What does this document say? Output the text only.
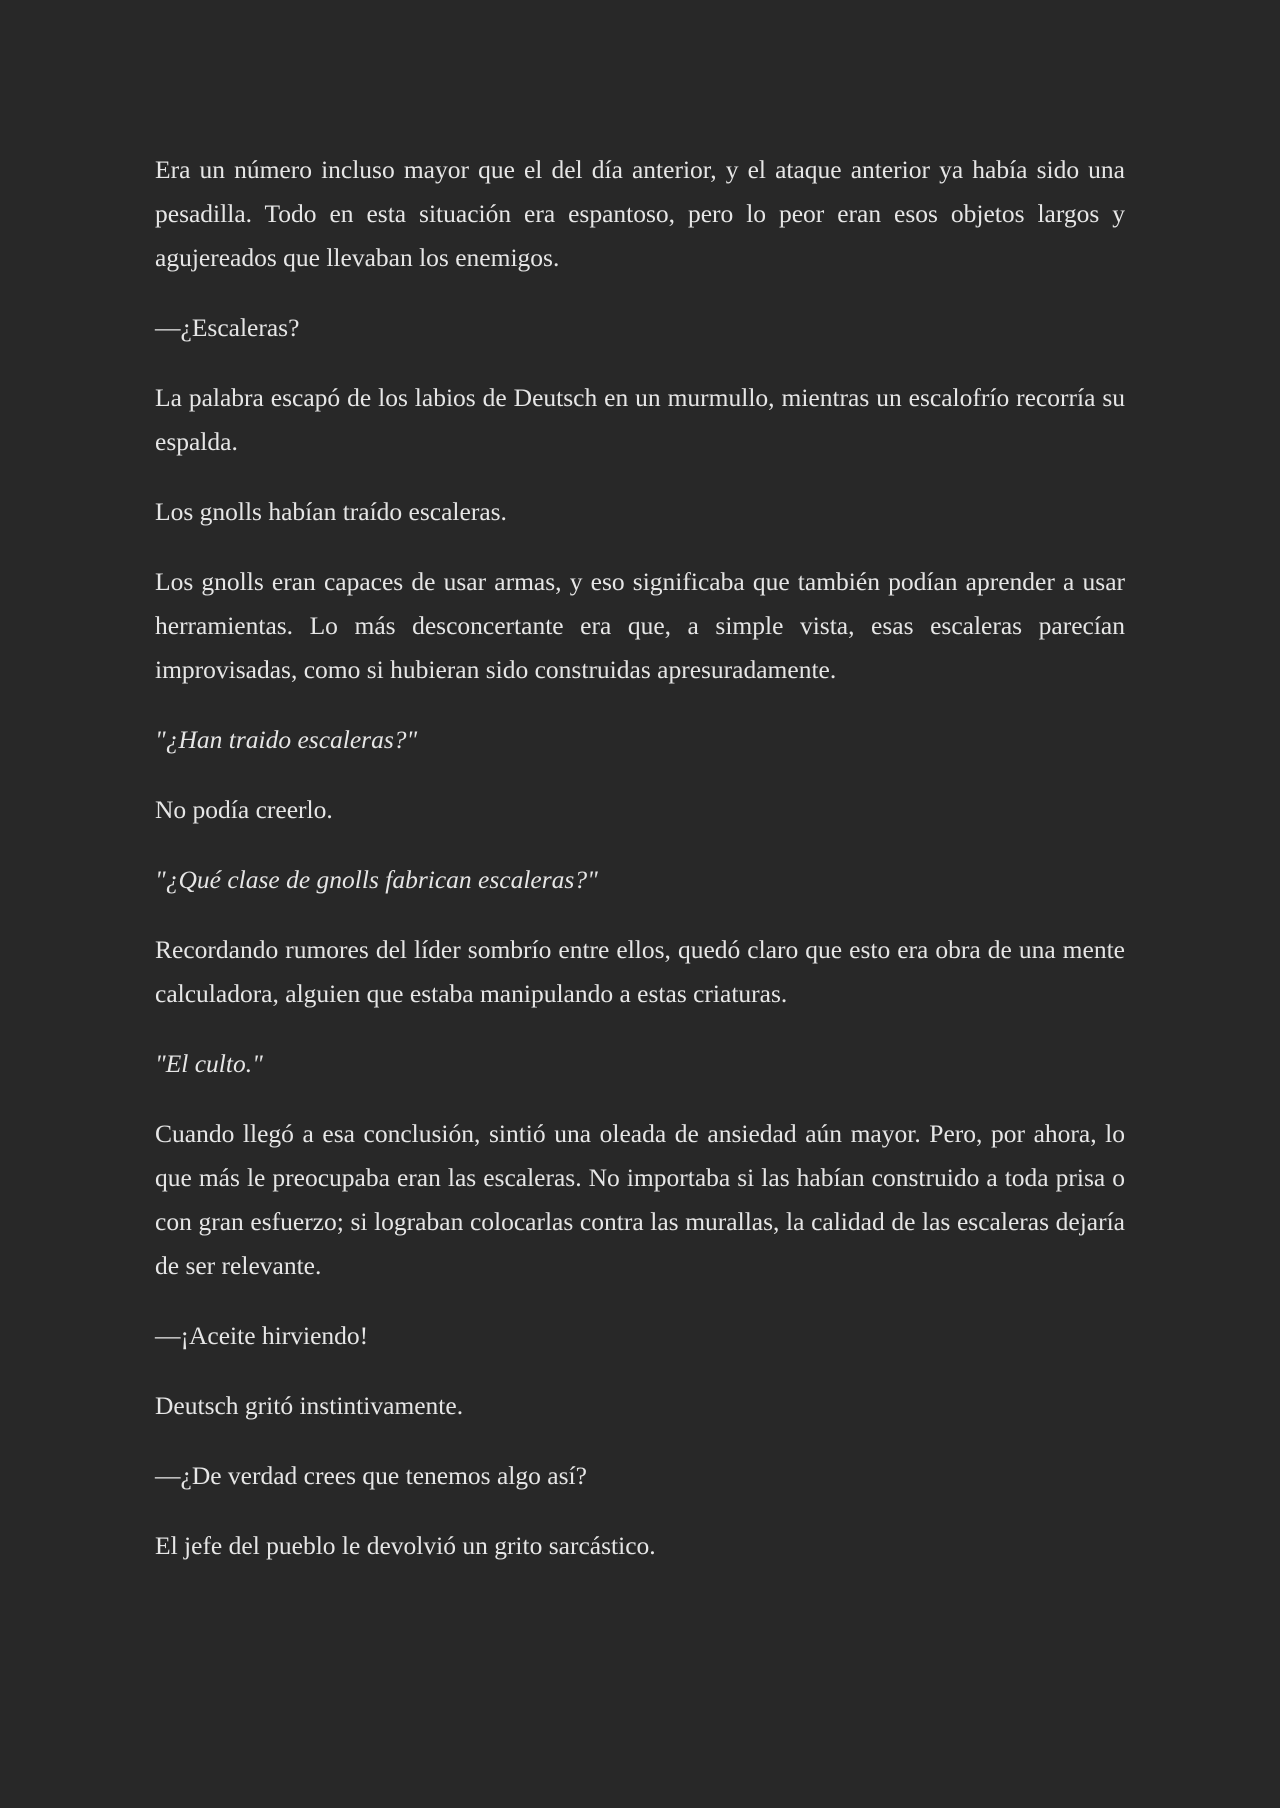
Era un número incluso mayor que el del día anterior, y el ataque anterior ya había sido una pesadilla. Todo en esta situación era espantoso, pero lo peor eran esos objetos largos y agujereados que llevaban los enemigos.

—¿Escaleras?

La palabra escapó de los labios de Deutsch en un murmullo, mientras un escalofrío recorría su espalda.

Los gnolls habían traído escaleras.

Los gnolls eran capaces de usar armas, y eso significaba que también podían aprender a usar herramientas. Lo más desconcertante era que, a simple vista, esas escaleras parecían improvisadas, como si hubieran sido construidas apresuradamente.

"¿Han traido escaleras?"

No podía creerlo.

"¿Qué clase de gnolls fabrican escaleras?"

Recordando rumores del líder sombrío entre ellos, quedó claro que esto era obra de una mente calculadora, alguien que estaba manipulando a estas criaturas.

"El culto."

Cuando llegó a esa conclusión, sintió una oleada de ansiedad aún mayor. Pero, por ahora, lo que más le preocupaba eran las escaleras. No importaba si las habían construido a toda prisa o con gran esfuerzo; si lograban colocarlas contra las murallas, la calidad de las escaleras dejaría de ser relevante.

—¡Aceite hirviendo!

Deutsch gritó instintivamente.

—¿De verdad crees que tenemos algo así?

El jefe del pueblo le devolvió un grito sarcástico.
